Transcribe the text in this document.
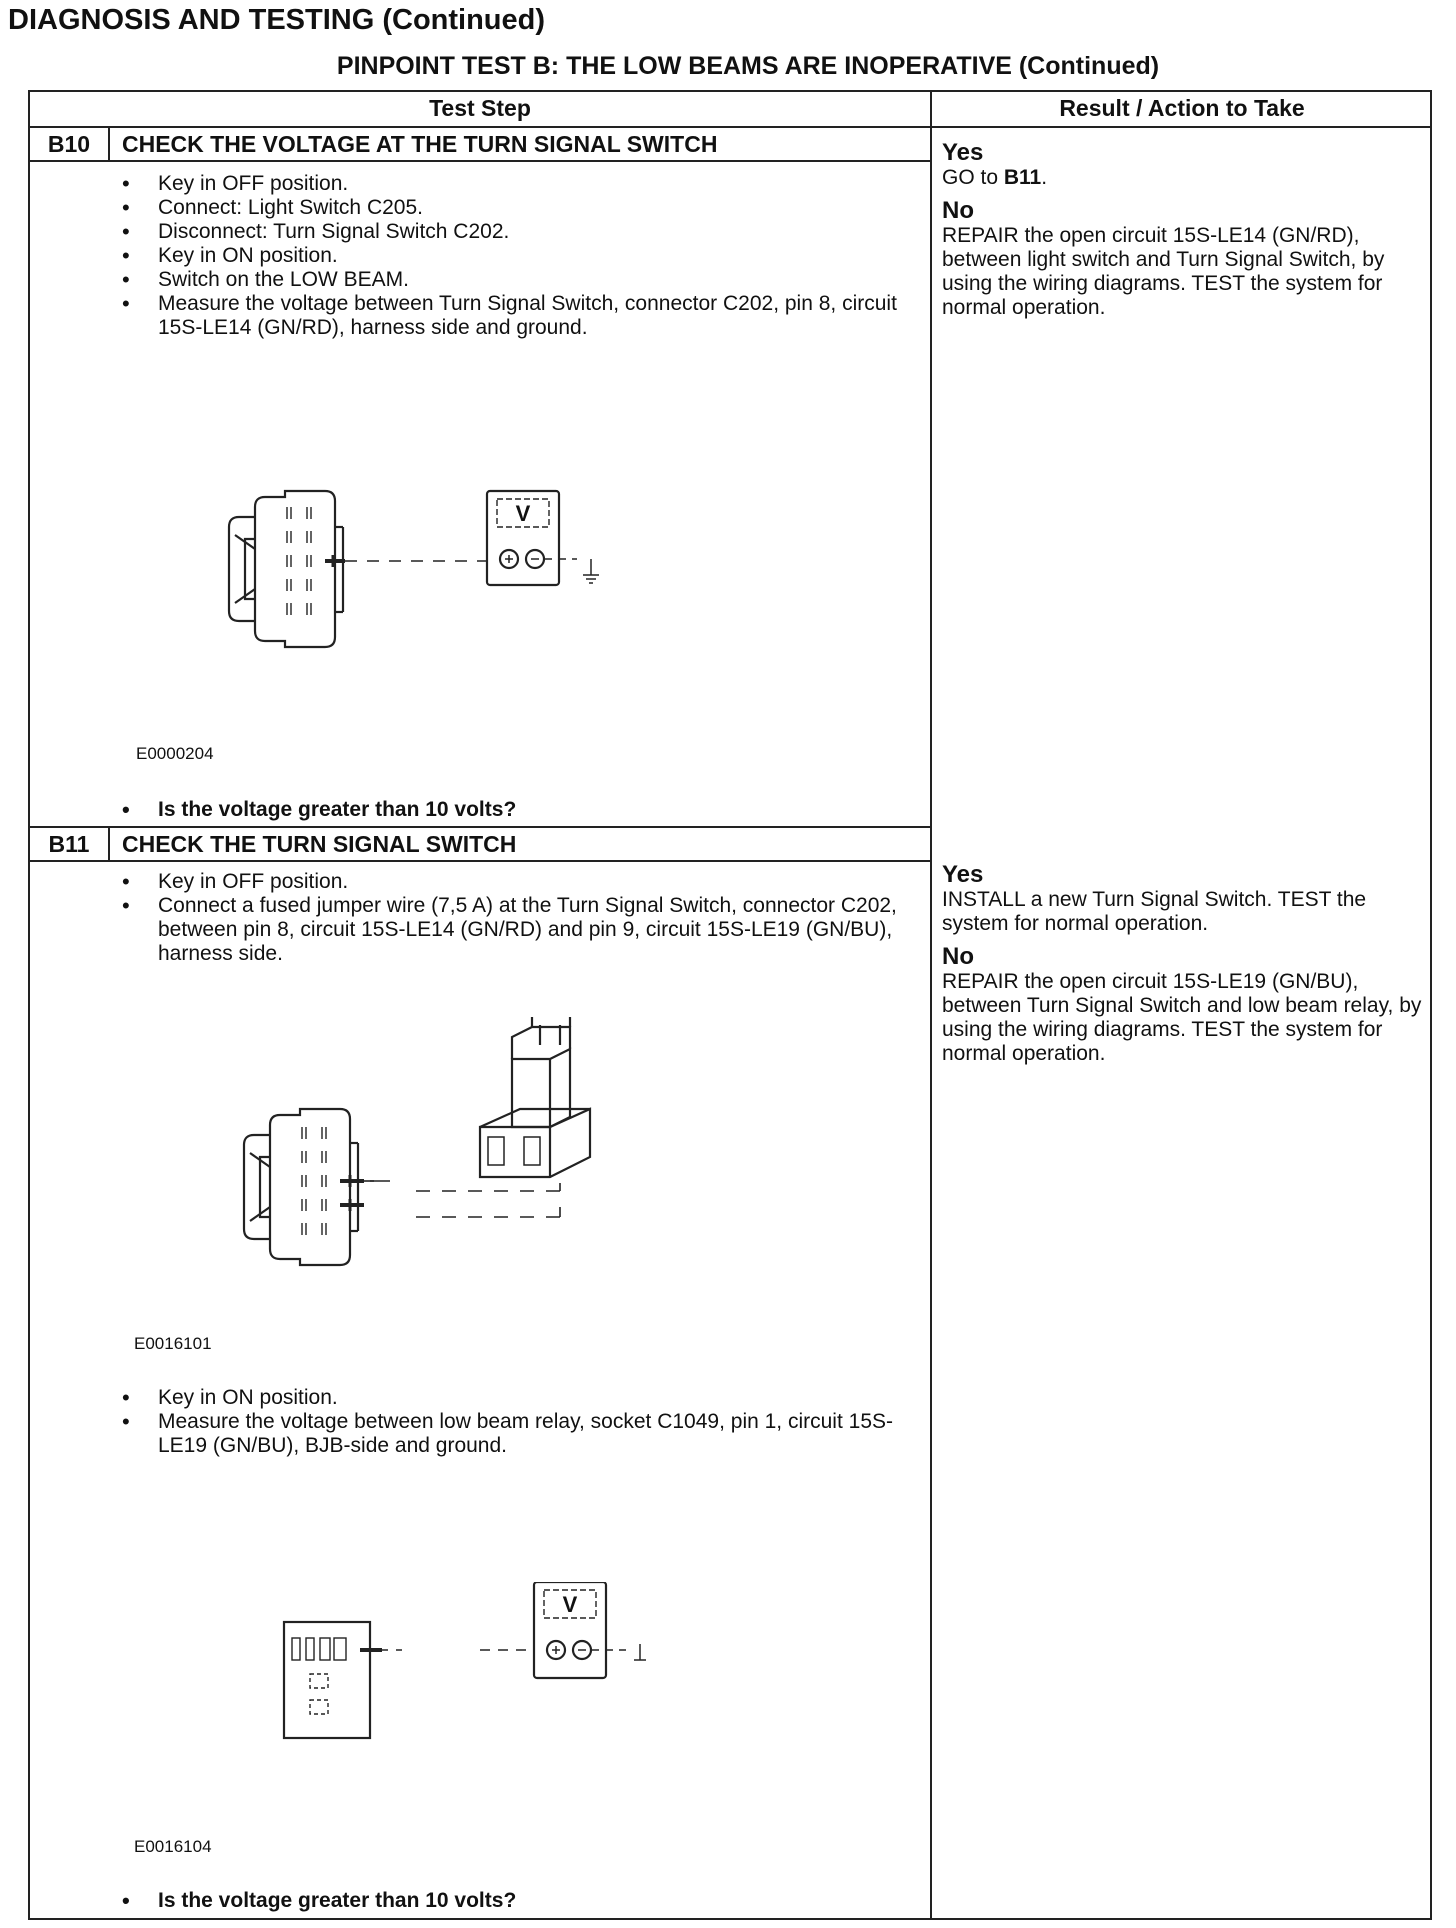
DIAGNOSIS AND TESTING (Continued)
PINPOINT TEST B: THE LOW BEAMS ARE INOPERATIVE (Continued)
Test Step	Result / Action to Take
B10	CHECK THE VOLTAGE AT THE TURN SIGNAL SWITCH
• Key in OFF position.
• Connect: Light Switch C205.
• Disconnect: Turn Signal Switch C202.
• Key in ON position.
• Switch on the LOW BEAM.
• Measure the voltage between Turn Signal Switch, connector C202, pin 8, circuit 15S-LE14 (GN/RD), harness side and ground.
V
E0000204
• Is the voltage greater than 10 volts?
Yes
GO to B11.
No
REPAIR the open circuit 15S-LE14 (GN/RD), between light switch and Turn Signal Switch, by using the wiring diagrams. TEST the system for normal operation.
B11	CHECK THE TURN SIGNAL SWITCH
• Key in OFF position.
• Connect a fused jumper wire (7,5 A) at the Turn Signal Switch, connector C202, between pin 8, circuit 15S-LE14 (GN/RD) and pin 9, circuit 15S-LE19 (GN/BU), harness side.
E0016101
• Key in ON position.
• Measure the voltage between low beam relay, socket C1049, pin 1, circuit 15S-LE19 (GN/BU), BJB-side and ground.
V
E0016104
• Is the voltage greater than 10 volts?
Yes
INSTALL a new Turn Signal Switch. TEST the system for normal operation.
No
REPAIR the open circuit 15S-LE19 (GN/BU), between Turn Signal Switch and low beam relay, by using the wiring diagrams. TEST the system for normal operation.
